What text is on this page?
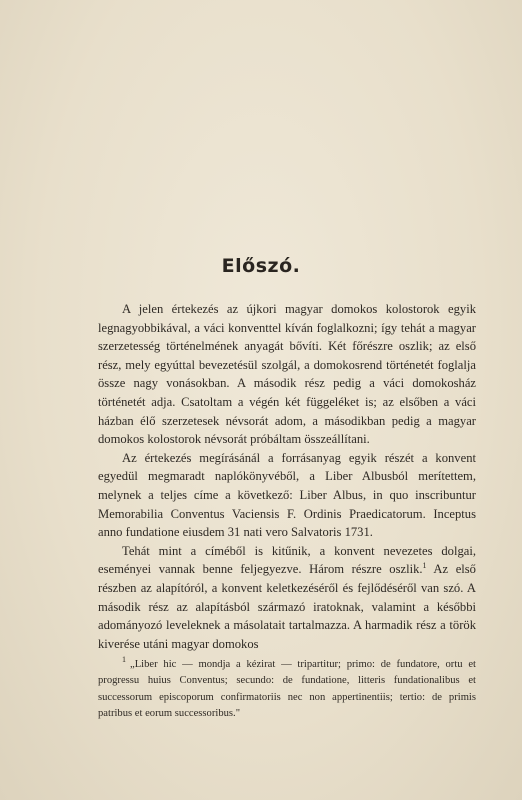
Előszó.

A jelen értekezés az újkori magyar domokos kolostorok egyik legnagyobbikával, a váci konventtel kíván foglalkozni; így tehát a magyar szerzetesség történelmének anyagát bővíti. Két főrészre oszlik; az első rész, mely egyúttal bevezetésül szolgál, a domokosrend történetét foglalja össze nagy vonásokban. A második rész pedig a váci domokosház történetét adja. Csatoltam a végén két függeléket is; az elsőben a váci házban élő szerzetesek névsorát adom, a másodikban pedig a magyar domokos kolostorok névsorát próbáltam összeállítani.

Az értekezés megírásánál a forrásanyag egyik részét a konvent egyedül megmaradt naplókönyvéből, a Liber Albusból merítettem, melynek a teljes címe a következő: Liber Albus, in quo inscribuntur Memorabilia Conventus Vaciensis F. Ordinis Praedicatorum. Inceptus anno fundatione eiusdem 31 nati vero Salvatoris 1731.

Tehát mint a címéből is kitűnik, a konvent nevezetes dolgai, eseményei vannak benne feljegyezve. Három részre oszlik.$^1$ Az első részben az alapítóról, a konvent keletkezéséről és fejlődéséről van szó. A második rész az alapításból származó iratoknak, valamint a későbbi adományozó leveleknek a másolatait tartalmazza. A harmadik rész a török kiverése utáni magyar domokos

$^1$ „Liber hic — mondja a kézirat — tripartitur; primo: de fundatore, ortu et progressu huius Conventus; secundo: de fundatione, litteris fundationalibus et successorum episcoporum confirmatoriis nec non appertinentiis; tertio: de primis patribus et eorum successoribus."
